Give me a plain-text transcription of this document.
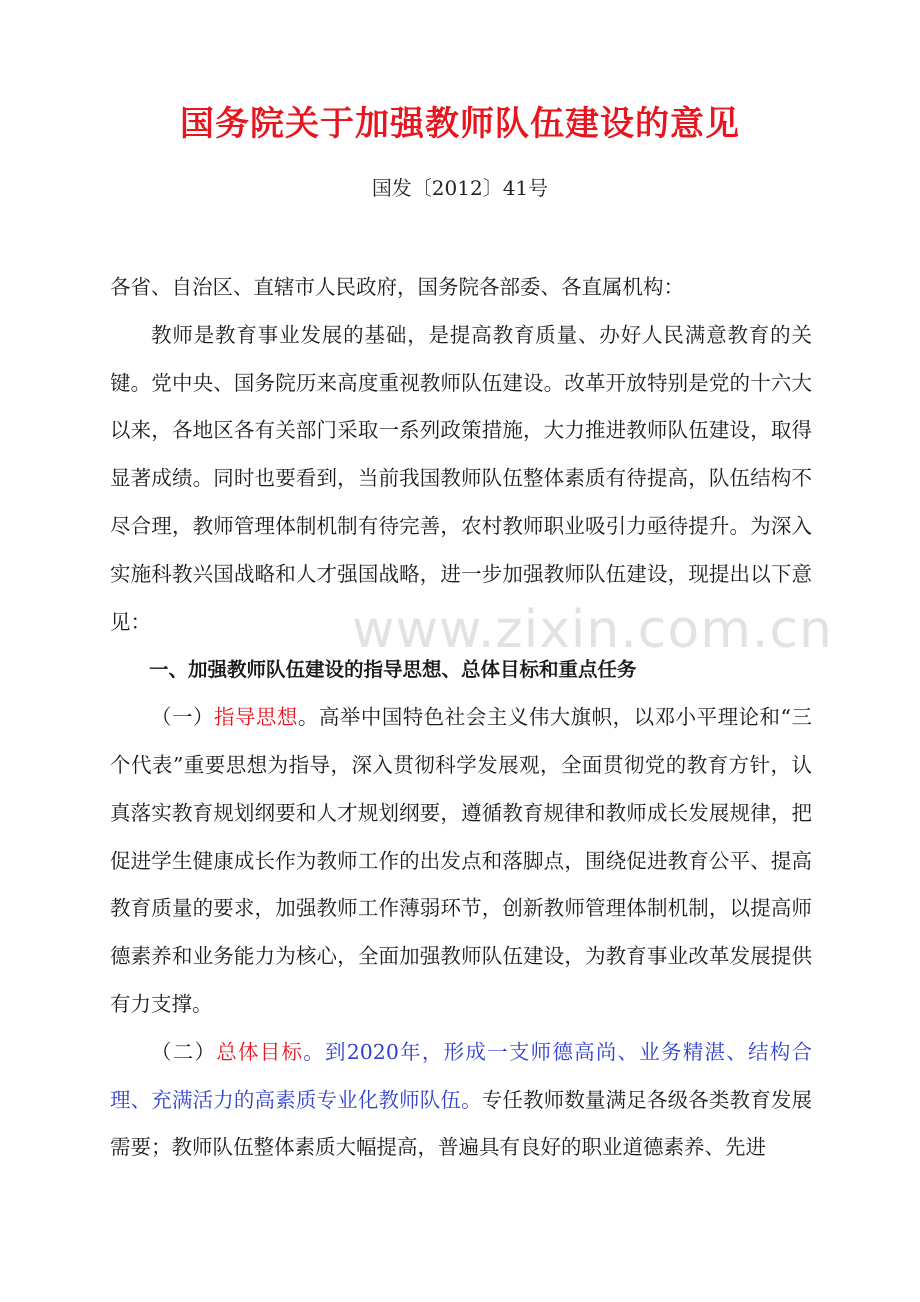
国务院关于加强教师队伍建设的意见
国发〔2012〕41号

各省、自治区、直辖市人民政府，国务院各部委、各直属机构：

教师是教育事业发展的基础，是提高教育质量、办好人民满意教育的关键。党中央、国务院历来高度重视教师队伍建设。改革开放特别是党的十六大以来，各地区各有关部门采取一系列政策措施，大力推进教师队伍建设，取得显著成绩。同时也要看到，当前我国教师队伍整体素质有待提高，队伍结构不尽合理，教师管理体制机制有待完善，农村教师职业吸引力亟待提升。为深入实施科教兴国战略和人才强国战略，进一步加强教师队伍建设，现提出以下意见：

一、加强教师队伍建设的指导思想、总体目标和重点任务

（一）指导思想。高举中国特色社会主义伟大旗帜，以邓小平理论和“三个代表”重要思想为指导，深入贯彻科学发展观，全面贯彻党的教育方针，认真落实教育规划纲要和人才规划纲要，遵循教育规律和教师成长发展规律，把促进学生健康成长作为教师工作的出发点和落脚点，围绕促进教育公平、提高教育质量的要求，加强教师工作薄弱环节，创新教师管理体制机制，以提高师德素养和业务能力为核心，全面加强教师队伍建设，为教育事业改革发展提供有力支撑。

（二）总体目标。到2020年，形成一支师德高尚、业务精湛、结构合理、充满活力的高素质专业化教师队伍。专任教师数量满足各级各类教育发展需要；教师队伍整体素质大幅提高，普遍具有良好的职业道德素养、先进

www.zixin.com.cn
